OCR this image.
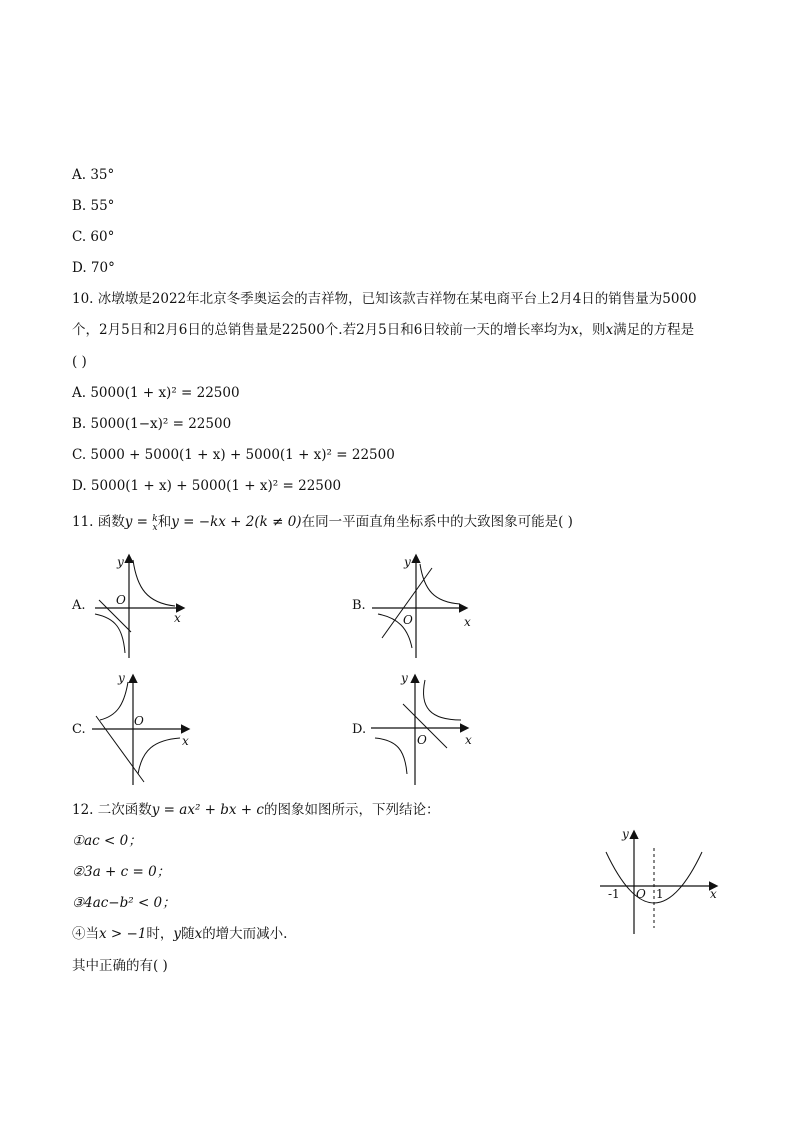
A. 35°
B. 55°
C. 60°
D. 70°
10. 冰墩墩是2022年北京冬季奥运会的吉祥物，已知该款吉祥物在某电商平台上2月4日的销售量为5000
个，2月5日和2月6日的总销售量是22500个.若2月5日和6日较前一天的增长率均为x，则x满足的方程是
( )
A. 5000(1 + x)² = 22500
B. 5000(1−x)² = 22500
C. 5000 + 5000(1 + x) + 5000(1 + x)² = 22500
D. 5000(1 + x) + 5000(1 + x)² = 22500
11. 函数y = k
x 和y = −kx + 2(k ≠ 0)在同一平面直角坐标系中的大致图象可能是( )
A.
y
x
O	B.
y
x
O
C.
y
x
O
D.
y
x
O
12. 二次函数y = ax² + bx + c的图象如图所示，下列结论：
①ac < 0；
②3a + c = 0；
③4ac−b² < 0；
④当x > −1时，y随x的增大而减小.
其中正确的有( )
y
x
O
-1	1
